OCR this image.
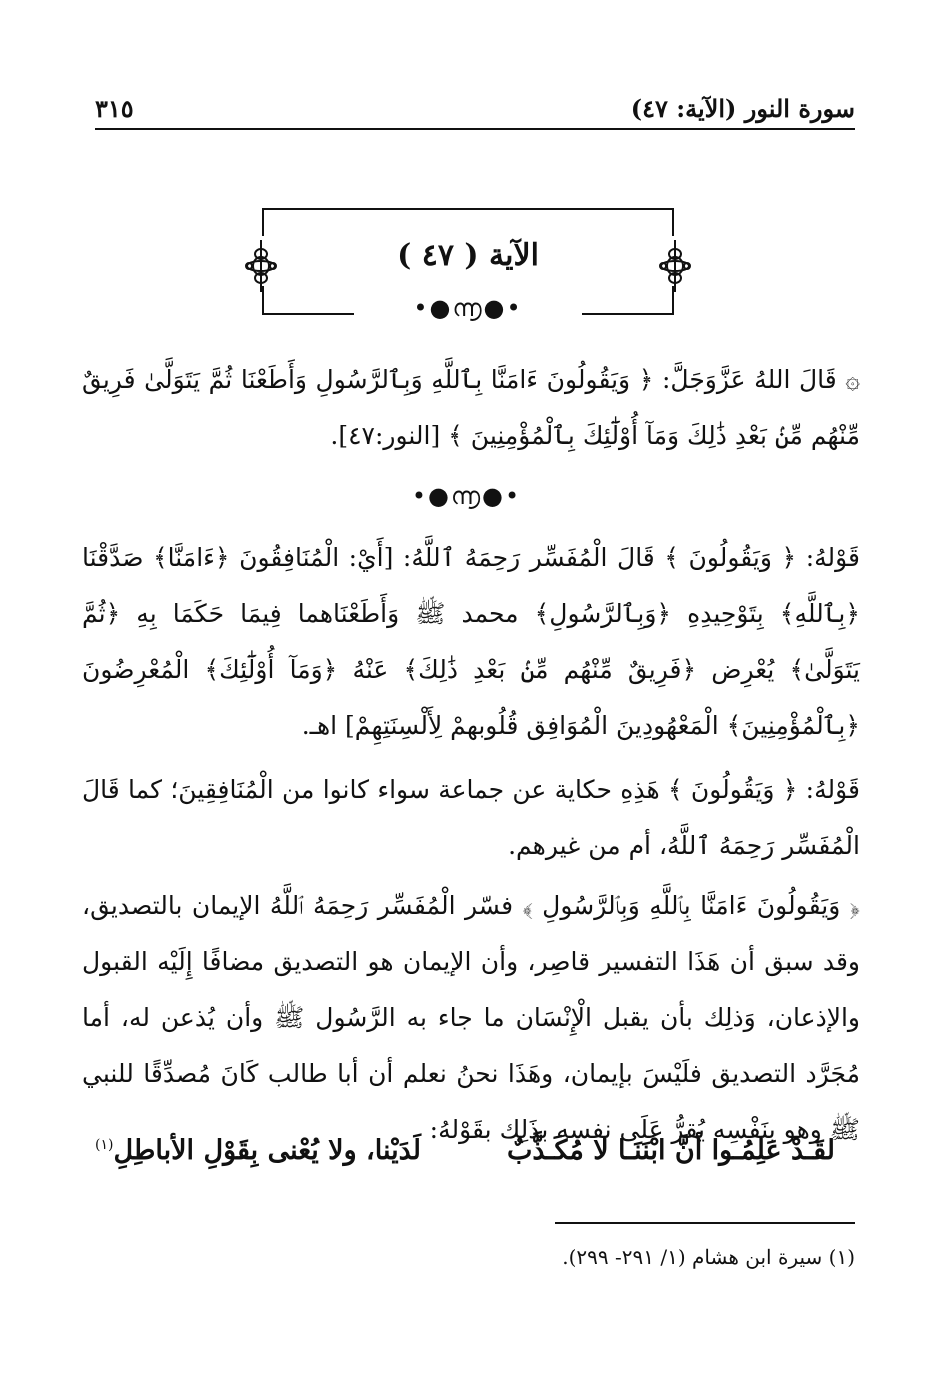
سورة النور (الآية: ٤٧)
٣١٥
الآية ( ٤٧ )
•●൬●•

۞ قَالَ اللهُ عَزَّوَجَلَّ: ﴿ وَيَقُولُونَ ءَامَنَّا بِٱللَّهِ وَبِٱلرَّسُولِ وَأَطَعْنَا ثُمَّ يَتَوَلَّىٰ فَرِيقٌ مِّنْهُم مِّنۢ بَعْدِ ذَٰلِكَ وَمَآ أُوْلَٰٓئِكَ بِٱلْمُؤْمِنِينَ ﴾ [النور:٤٧].

•●൬●•

قَوْلهُ: ﴿ وَيَقُولُونَ ﴾ قَالَ الْمُفَسِّر رَحِمَهُ ٱللَّهُ: [أَيْ: الْمُنَافِقُونَ ﴿ءَامَنَّا﴾ صَدَّقْنَا ﴿بِٱللَّهِ﴾ بِتَوْحِيدِهِ ﴿وَبِٱلرَّسُولِ﴾ محمد ﷺ وَأَطَعْنَاهما فِيمَا حَكَمَا بِهِ ﴿ثُمَّ يَتَوَلَّىٰ﴾ يُعْرِض ﴿فَرِيقٌ مِّنْهُم مِّنۢ بَعْدِ ذَٰلِكَ﴾ عَنْهُ ﴿وَمَآ أُوْلَٰٓئِكَ﴾ الْمُعْرِضُونَ ﴿بِٱلْمُؤْمِنِينَ﴾ الْمَعْهُودِينَ الْمُوَافِق قُلُوبهمْ لِأَلْسِنَتِهِمْ] اهـ.

قَوْلهُ: ﴿ وَيَقُولُونَ ﴾ هَذِهِ حكاية عن جماعة سواء كانوا من الْمُنَافِقِينَ؛ كما قَالَ الْمُفَسِّر رَحِمَهُ ٱللَّهُ، أم من غيرهم.

﴿ وَيَقُولُونَ ءَامَنَّا بِٱللَّهِ وَبِٱلرَّسُولِ ﴾ فسّر الْمُفَسِّر رَحِمَهُ ٱللَّهُ الإيمان بالتصديق، وقد سبق أن هَذَا التفسير قاصِر، وأن الإيمان هو التصديق مضافًا إِلَيْه القبول والإذعان، وَذلِك بأن يقبل الْإِنْسَان ما جاء به الرَّسُول ﷺ وأن يُذعن له، أما مُجَرَّد التصديق فلَيْسَ بإيمان، وهَذَا نحنُ نعلم أن أبا طالب كَانَ مُصدِّقًا للنبي ﷺ وهو بنَفْسِه يُقرُّ عَلَى نفسه بذَلِك بقَوْلهُ:

لقَـدْ عَلِمُـوا أنَّ ابْنَنَـا لا مُكَـذَّبٌ
لَدَيْنا، ولا يُعْنى بِقَوْلِ الأباطِلِ$^{(١)}$
(١) سيرة ابن هشام (١/ ٢٩١- ٢٩٩).
